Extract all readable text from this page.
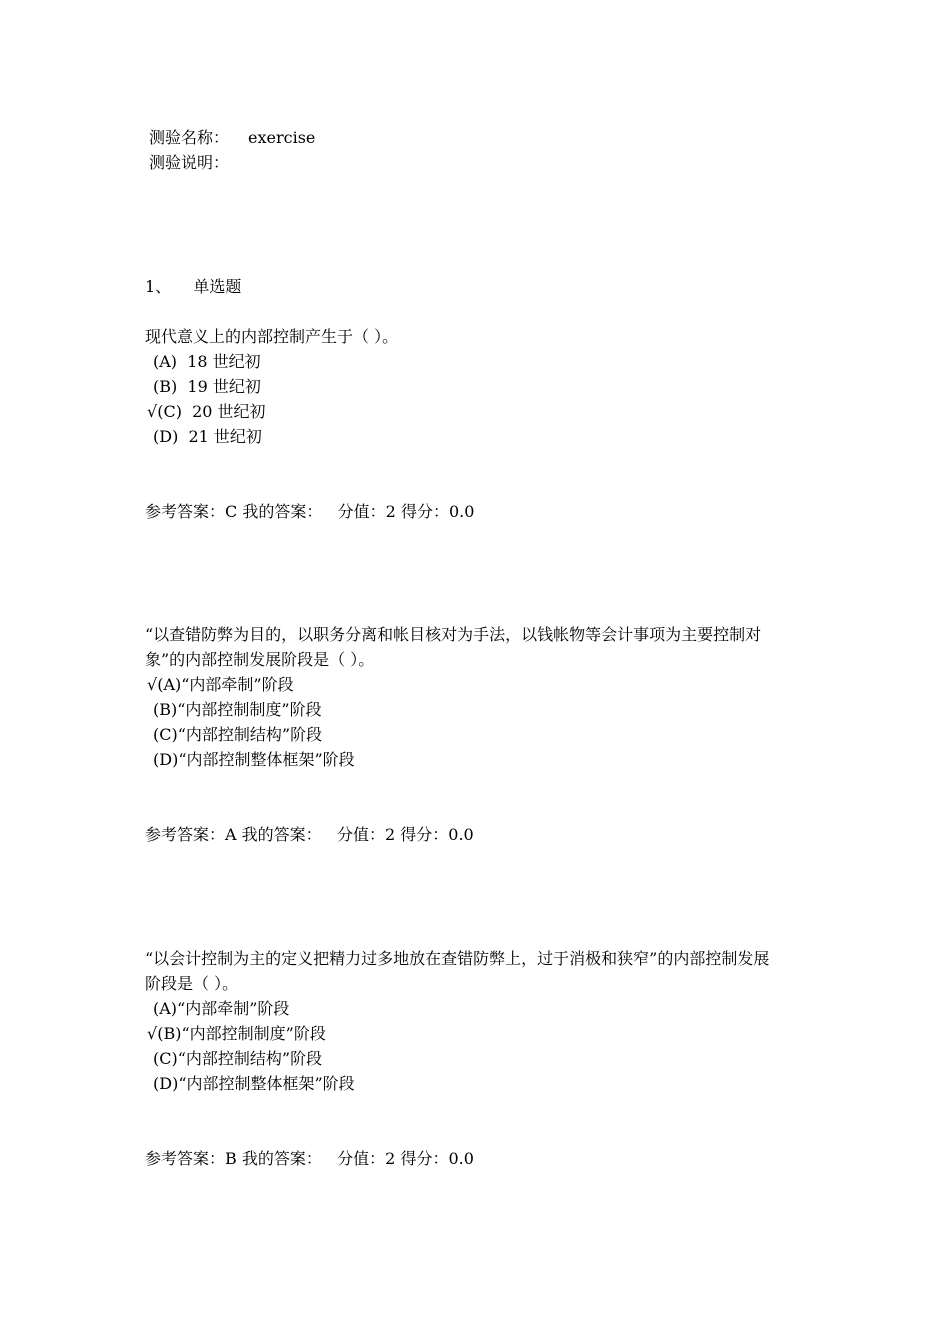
测验名称： exercise
测验说明：
1、 单选题
现代意义上的内部控制产生于（ ）。
(A) 18 世纪初
(B) 19 世纪初
√(C) 20 世纪初
(D) 21 世纪初
参考答案：C 我的答案： 分值：2 得分：0.0
“以查错防弊为目的，以职务分离和帐目核对为手法，以钱帐物等会计事项为主要控制对
象”的内部控制发展阶段是（ ）。
√(A)“内部牵制”阶段
(B)“内部控制制度”阶段
(C)“内部控制结构”阶段
(D)“内部控制整体框架”阶段
参考答案：A 我的答案： 分值：2 得分：0.0
“以会计控制为主的定义把精力过多地放在查错防弊上，过于消极和狭窄”的内部控制发展
阶段是（ ）。
(A)“内部牵制”阶段
√(B)“内部控制制度”阶段
(C)“内部控制结构”阶段
(D)“内部控制整体框架”阶段
参考答案：B 我的答案： 分值：2 得分：0.0
